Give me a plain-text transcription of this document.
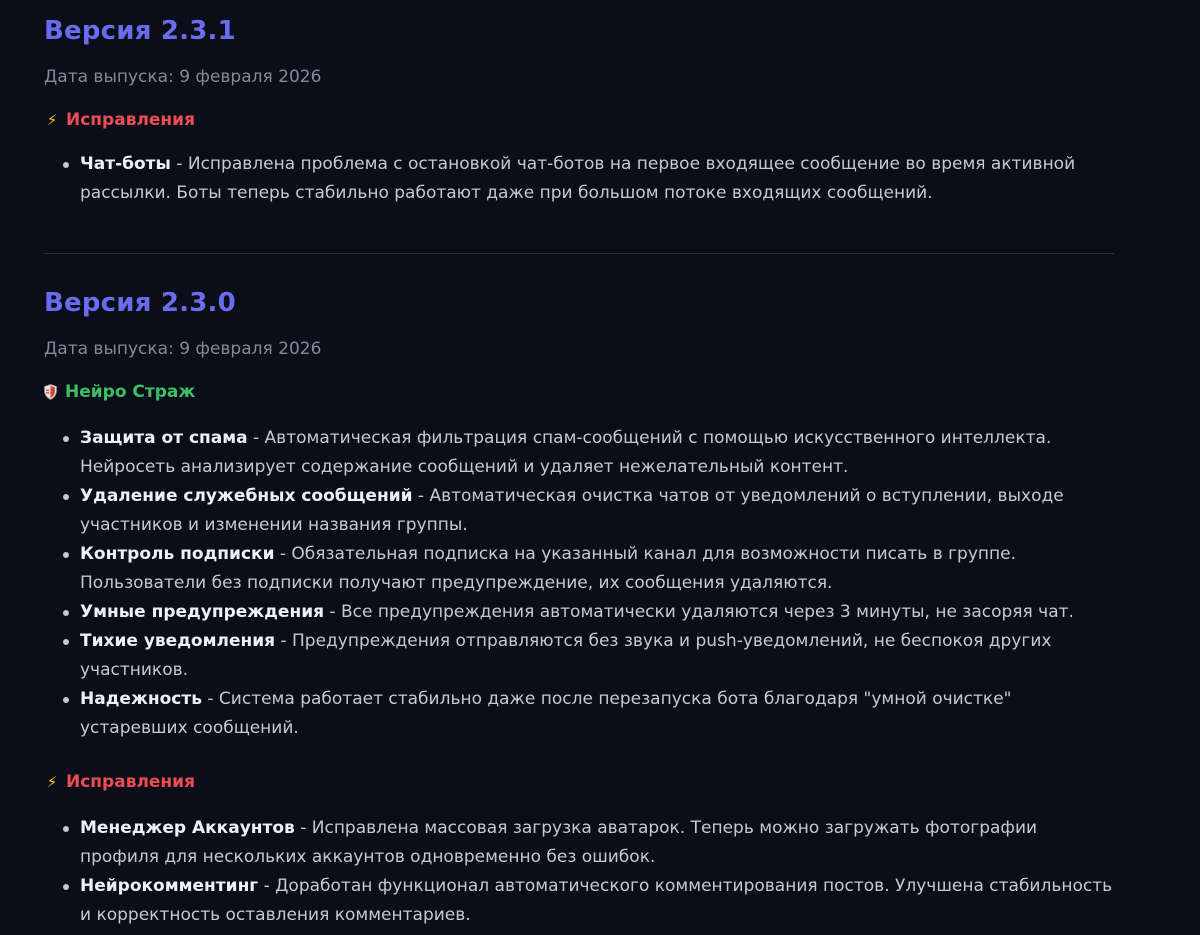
Версия 2.3.1

Дата выпуска: 9 февраля 2026

⚡ Исправления
Чат-боты - Исправлена проблема с остановкой чат-ботов на первое входящее сообщение во время активной рассылки. Боты теперь стабильно работают даже при большом потоке входящих сообщений.
Версия 2.3.0

Дата выпуска: 9 февраля 2026

Нейро Страж
Защита от спама - Автоматическая фильтрация спам-сообщений с помощью искусственного интеллекта. Нейросеть анализирует содержание сообщений и удаляет нежелательный контент.
Удаление служебных сообщений - Автоматическая очистка чатов от уведомлений о вступлении, выходе участников и изменении названия группы.
Контроль подписки - Обязательная подписка на указанный канал для возможности писать в группе. Пользователи без подписки получают предупреждение, их сообщения удаляются.
Умные предупреждения - Все предупреждения автоматически удаляются через 3 минуты, не засоряя чат.
Тихие уведомления - Предупреждения отправляются без звука и push-уведомлений, не беспокоя других участников.
Надежность - Система работает стабильно даже после перезапуска бота благодаря "умной очистке" устаревших сообщений.
⚡ Исправления
Менеджер Аккаунтов - Исправлена массовая загрузка аватарок. Теперь можно загружать фотографии профиля для нескольких аккаунтов одновременно без ошибок.
Нейрокомментинг - Доработан функционал автоматического комментирования постов. Улучшена стабильность и корректность оставления комментариев.
